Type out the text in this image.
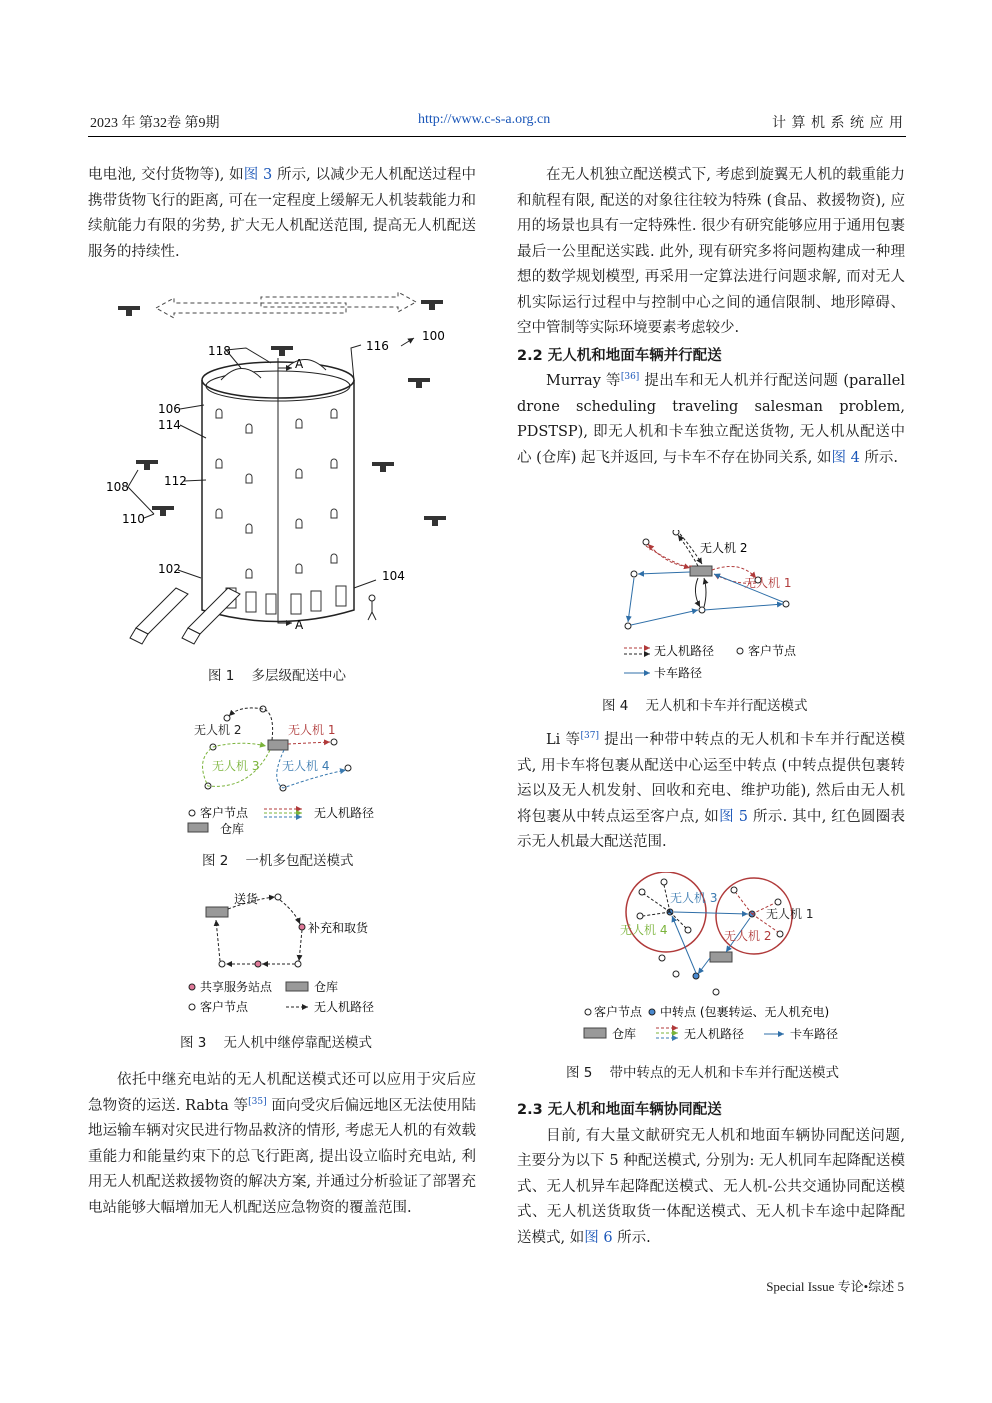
2023 年 第32卷 第9期	http://www.c-s-a.org.cn	计 算 机 系 统 应 用

电电池, 交付货物等), 如图 3 所示, 以减少无人机配送过程中携带货物飞行的距离, 可在一定程度上缓解无人机装载能力和续航能力有限的劣势, 扩大无人机配送范围, 提高无人机配送服务的持续性.

100
116
118
A
106
114
112
108
110
102	104
A
图 1    多层级配送中心
无人机 2	无人机 1
无人机 3 无人机 4
客户节点	无人机路径
仓库
图 2    一机多包配送模式
送货
补充和取货
共享服务站点	仓库
客户节点	无人机路径
图 3    无人机中继停靠配送模式

依托中继充电站的无人机配送模式还可以应用于灾后应急物资的运送. Rabta 等[35] 面向受灾后偏远地区无法使用陆地运输车辆对灾民进行物品救济的情形, 考虑无人机的有效载重能力和能量约束下的总飞行距离, 提出设立临时充电站, 利用无人机配送救援物资的解决方案, 并通过分析验证了部署充电站能够大幅增加无人机配送应急物资的覆盖范围.

在无人机独立配送模式下, 考虑到旋翼无人机的载重能力和航程有限, 配送的对象往往较为特殊 (食品、救援物资), 应用的场景也具有一定特殊性. 很少有研究能够应用于通用包裹最后一公里配送实践. 此外, 现有研究多将问题构建成一种理想的数学规划模型, 再采用一定算法进行问题求解, 而对无人机实际运行过程中与控制中心之间的通信限制、地形障碍、空中管制等实际环境要素考虑较少.

2.2 无人机和地面车辆并行配送

Murray 等[36] 提出车和无人机并行配送问题 (parallel drone scheduling traveling salesman problem, PDSTSP), 即无人机和卡车独立配送货物, 无人机从配送中心 (仓库) 起飞并返回, 与卡车不存在协同关系, 如图 4 所示.

无人机 2
无人机 1
无人机路径	客户节点
卡车路径
图 4    无人机和卡车并行配送模式

Li 等[37] 提出一种带中转点的无人机和卡车并行配送模式, 用卡车将包裹从配送中心运至中转点 (中转点提供包裹转运以及无人机发射、回收和充电、维护功能), 然后由无人机将包裹从中转点运至客户点, 如图 5 所示. 其中, 红色圆圈表示无人机最大配送范围.

无人机 3
无人机 1
无人机 4	无人机 2
客户节点 中转点 (包裹转运、无人机充电)
仓库	无人机路径	卡车路径
图 5    带中转点的无人机和卡车并行配送模式

2.3 无人机和地面车辆协同配送

目前, 有大量文献研究无人机和地面车辆协同配送问题, 主要分为以下 5 种配送模式, 分别为: 无人机同车起降配送模式、无人机异车起降配送模式、无人机-公共交通协同配送模式、无人机送货取货一体配送模式、无人机卡车途中起降配送模式, 如图 6 所示.

Special Issue 专论•综述 5
